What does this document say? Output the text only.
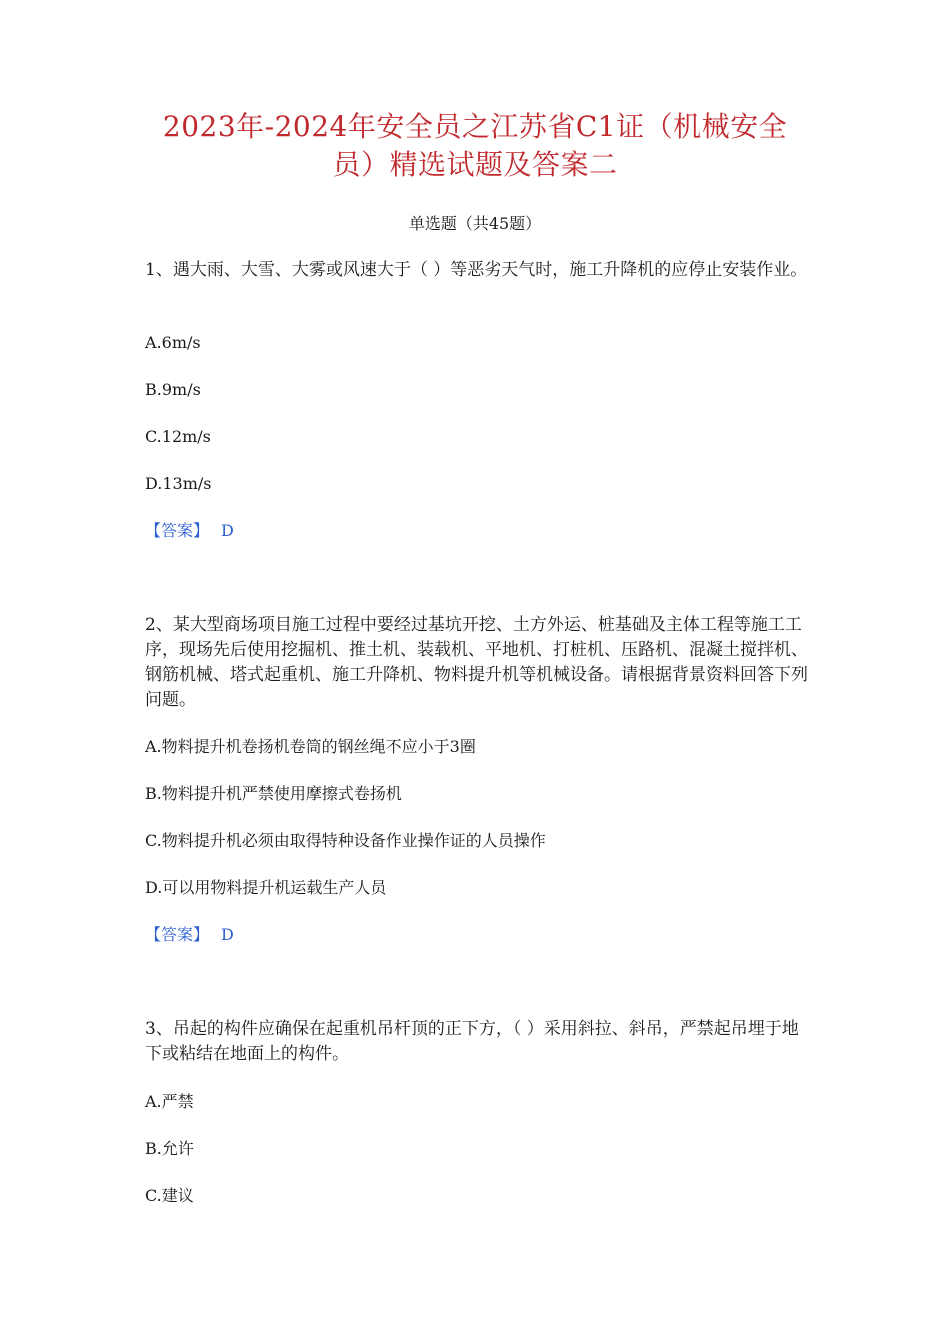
2023年-2024年安全员之江苏省C1证（机械安全
员）精选试题及答案二
单选题（共45题）
1、遇大雨、大雪、大雾或风速大于（ ）等恶劣天气时，施工升降机的应停止安装作业。
A.6m/s
B.9m/s
C.12m/s
D.13m/s
【答案】 D
2、某大型商场项目施工过程中要经过基坑开挖、土方外运、桩基础及主体工程等施工工序，现场先后使用挖掘机、推土机、装载机、平地机、打桩机、压路机、混凝土搅拌机、钢筋机械、塔式起重机、施工升降机、物料提升机等机械设备。请根据背景资料回答下列问题。
A.物料提升机卷扬机卷筒的钢丝绳不应小于3圈
B.物料提升机严禁使用摩擦式卷扬机
C.物料提升机必须由取得特种设备作业操作证的人员操作
D.可以用物料提升机运载生产人员
【答案】 D
3、吊起的构件应确保在起重机吊杆顶的正下方，（ ）采用斜拉、斜吊，严禁起吊埋于地下或粘结在地面上的构件。
A.严禁
B.允许
C.建议
